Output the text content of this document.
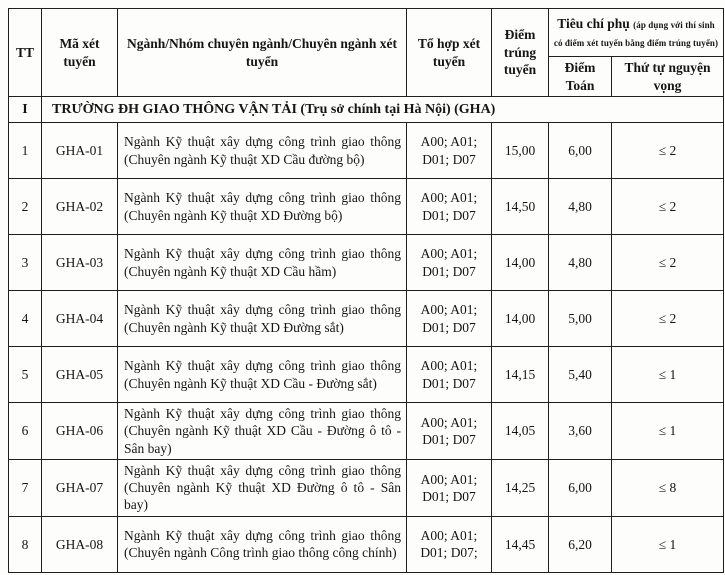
TT	Mã xét tuyển	Ngành/Nhóm chuyên ngành/Chuyên ngành xét tuyển	Tổ hợp xét tuyển	Điểm trúng tuyển	Tiêu chí phụ (áp dụng với thí sinh có điểm xét tuyển bằng điểm trúng tuyển)	
					Điểm Toán	Thứ tự nguyện vọng
I	TRƯỜNG ĐH GIAO THÔNG VẬN TẢI (Trụ sở chính tại Hà Nội) (GHA)					
1	GHA-01	Ngành Kỹ thuật xây dựng công trình giao thông (Chuyên ngành Kỹ thuật XD Cầu đường bộ)	A00; A01; D01; D07	15,00	6,00	≤ 2
2	GHA-02	Ngành Kỹ thuật xây dựng công trình giao thông (Chuyên ngành Kỹ thuật XD Đường bộ)	A00; A01; D01; D07	14,50	4,80	≤ 2
3	GHA-03	Ngành Kỹ thuật xây dựng công trình giao thông (Chuyên ngành Kỹ thuật XD Cầu hầm)	A00; A01; D01; D07	14,00	4,80	≤ 2
4	GHA-04	Ngành Kỹ thuật xây dựng công trình giao thông (Chuyên ngành Kỹ thuật XD Đường sắt)	A00; A01; D01; D07	14,00	5,00	≤ 2
5	GHA-05	Ngành Kỹ thuật xây dựng công trình giao thông (Chuyên ngành Kỹ thuật XD Cầu - Đường sắt)	A00; A01; D01; D07	14,15	5,40	≤ 1
6	GHA-06	Ngành Kỹ thuật xây dựng công trình giao thông (Chuyên ngành Kỹ thuật XD Cầu - Đường ô tô - Sân bay)	A00; A01; D01; D07	14,05	3,60	≤ 1
7	GHA-07	Ngành Kỹ thuật xây dựng công trình giao thông (Chuyên ngành Kỹ thuật XD Đường ô tô - Sân bay)	A00; A01; D01; D07	14,25	6,00	≤ 8
8	GHA-08	Ngành Kỹ thuật xây dựng công trình giao thông (Chuyên ngành Công trình giao thông công chính)	A00; A01; D01; D07;	14,45	6,20	≤ 1
